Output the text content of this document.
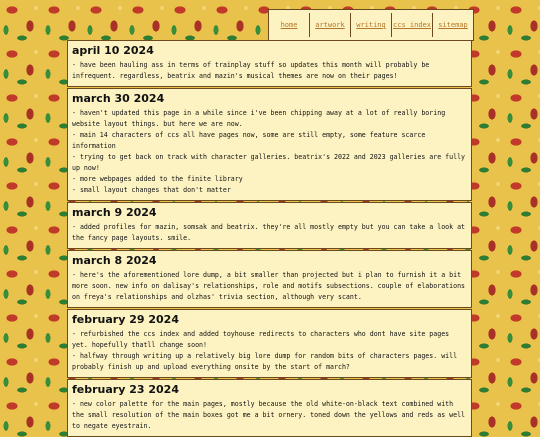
home	artwork	writing	ccs index	sitemap
april 10 2024
- have been hauling ass in terms of trainplay stuff so updates this month will probably be infrequent. regardless, beatrix and mazin's musical themes are now on their pages!
march 30 2024
- haven't updated this page in a while since i've been chipping away at a lot of really boring website layout things. but here we are now.
- main 14 characters of ccs all have pages now, some are still empty, some feature scarce information
- trying to get back on track with character galleries. beatrix's 2022 and 2023 galleries are fully up now!
- more webpages added to the finite library
- small layout changes that don't matter
march 9 2024
- added profiles for mazin, somsak and beatrix. they're all mostly empty but you can take a look at the fancy page layouts. smile.
march 8 2024
- here's the aforementioned lore dump, a bit smaller than projected but i plan to furnish it a bit more soon. new info on dalisay's relationships, role and motifs subsections. couple of elaborations on freya's relationships and olzhas' trivia section, although very scant.
february 29 2024
- refurbished the ccs index and added toyhouse redirects to characters who dont have site pages yet. hopefully thatll change soon!
- halfway through writing up a relatively big lore dump for random bits of characters pages. will probably finish up and upload everything onsite by the start of march?
february 23 2024
- new color palette for the main pages, mostly because the old white-on-black text combined with the small resolution of the main boxes got me a bit ornery. toned down the yellows and reds as well to negate eyestrain.
